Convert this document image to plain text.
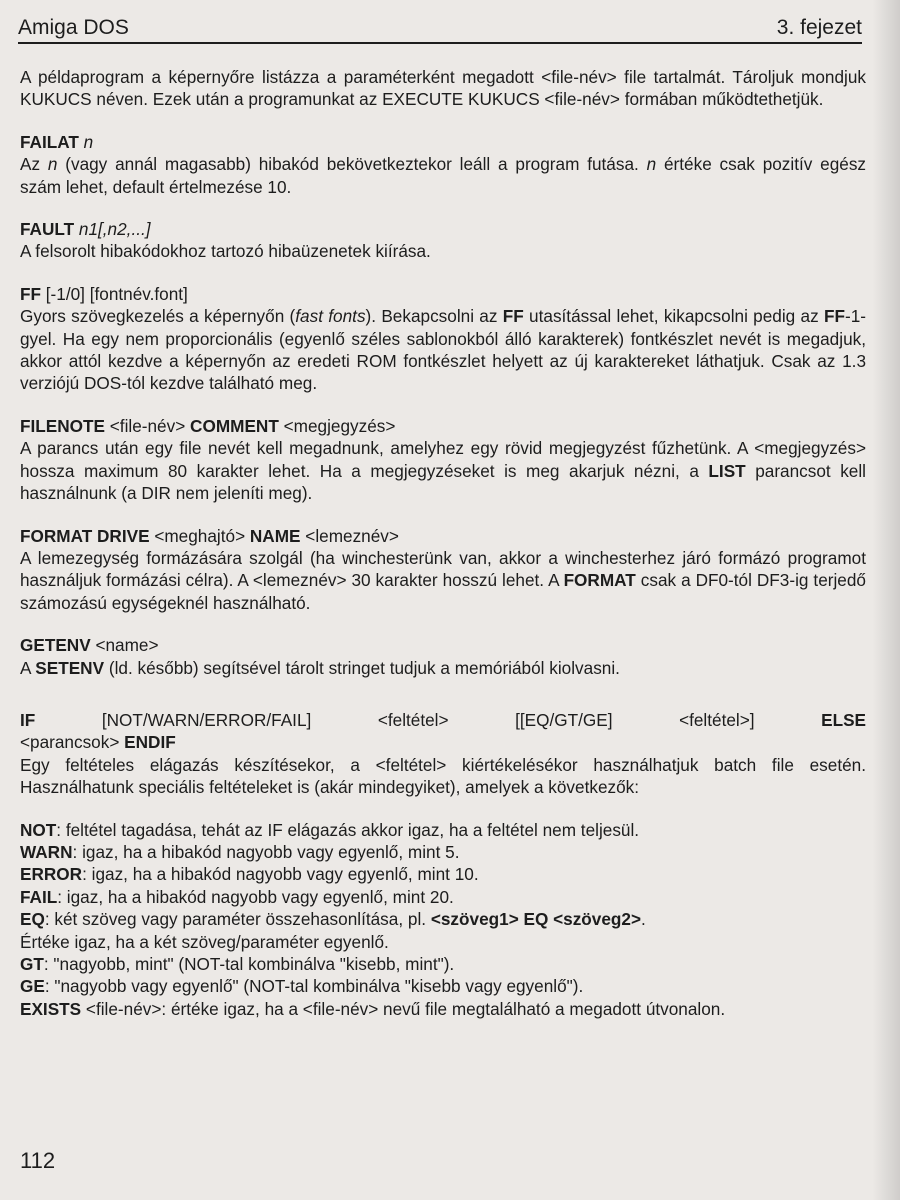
Amiga DOS	3. fejezet

A példaprogram a képernyőre listázza a paraméterként megadott <file-név> file tartalmát. Tároljuk mondjuk KUKUCS néven. Ezek után a programunkat az EXECUTE KUKUCS <file-név> formában működtethetjük.

FAILAT n

Az n (vagy annál magasabb) hibakód bekövetkeztekor leáll a program futása. n értéke csak pozitív egész szám lehet, default értelmezése 10.

FAULT n1[,n2,...]

A felsorolt hibakódokhoz tartozó hibaüzenetek kiírása.

FF [-1/0] [fontnév.font]

Gyors szövegkezelés a képernyőn (fast fonts). Bekapcsolni az FF utasítással lehet, kikapcsolni pedig az FF-1-gyel. Ha egy nem proporcionális (egyenlő széles sablonokból álló karakterek) fontkészlet nevét is megadjuk, akkor attól kezdve a képernyőn az eredeti ROM fontkészlet helyett az új karaktereket láthatjuk. Csak az 1.3 verziójú DOS-tól kezdve található meg.

FILENOTE <file-név> COMMENT <megjegyzés>

A parancs után egy file nevét kell megadnunk, amelyhez egy rövid megjegyzést fűzhetünk. A <megjegyzés> hossza maximum 80 karakter lehet. Ha a megjegyzéseket is meg akarjuk nézni, a LIST parancsot kell használnunk (a DIR nem jeleníti meg).

FORMAT DRIVE <meghajtó> NAME <lemeznév>

A lemezegység formázására szolgál (ha winchesterünk van, akkor a winchesterhez járó formázó programot használjuk formázási célra). A <lemeznév> 30 karakter hosszú lehet. A FORMAT csak a DF0-tól DF3-ig terjedő számozású egységeknél használható.

GETENV <name>

A SETENV (ld. később) segítsével tárolt stringet tudjuk a memóriából kiolvasni.

IF	[NOT/WARN/ERROR/FAIL]	<feltétel>	[[EQ/GT/GE]	<feltétel>]	ELSE

<parancsok> ENDIF

Egy feltételes elágazás készítésekor, a <feltétel> kiértékelésékor használhatjuk batch file esetén. Használhatunk speciális feltételeket is (akár mindegyiket), amelyek a következők:

NOT: feltétel tagadása, tehát az IF elágazás akkor igaz, ha a feltétel nem teljesül.

WARN: igaz, ha a hibakód nagyobb vagy egyenlő, mint 5.

ERROR: igaz, ha a hibakód nagyobb vagy egyenlő, mint 10.

FAIL: igaz, ha a hibakód nagyobb vagy egyenlő, mint 20.

EQ: két szöveg vagy paraméter összehasonlítása, pl. <szöveg1> EQ <szöveg2>.

Értéke igaz, ha a két szöveg/paraméter egyenlő.

GT: "nagyobb, mint" (NOT-tal kombinálva "kisebb, mint").

GE: "nagyobb vagy egyenlő" (NOT-tal kombinálva "kisebb vagy egyenlő").

EXISTS <file-név>: értéke igaz, ha a <file-név> nevű file megtalálható a megadott útvonalon.

112
